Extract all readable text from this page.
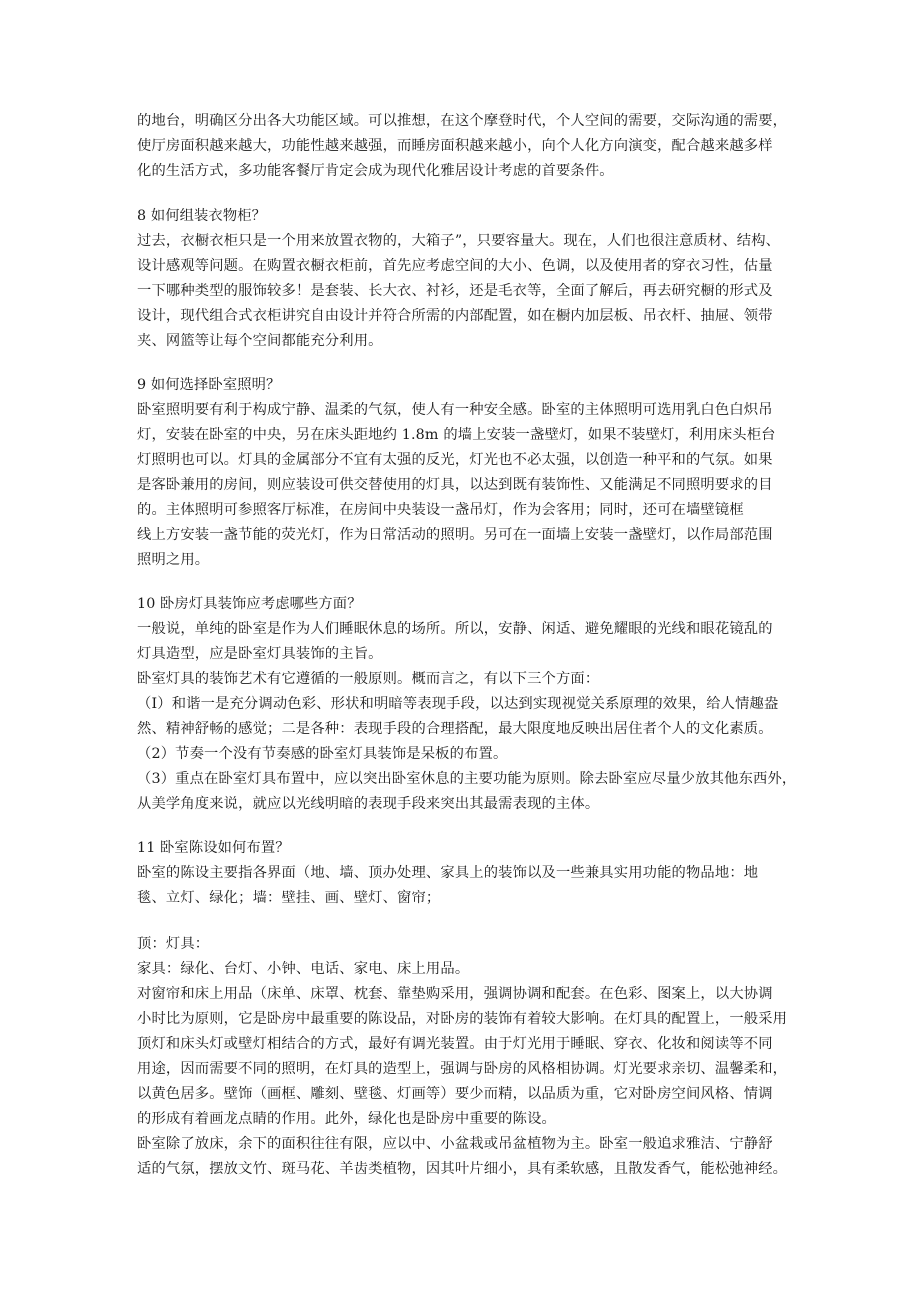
的地台，明确区分出各大功能区域。可以推想，在这个摩登时代，个人空间的需要，交际沟通的需要，
使厅房面积越来越大，功能性越来越强，而睡房面积越来越小，向个人化方向演变，配合越来越多样
化的生活方式，多功能客餐厅肯定会成为现代化雅居设计考虑的首要条件。
8 如何组装衣物柜？
过去，衣橱衣柜只是一个用来放置衣物的，大箱子”，只要容量大。现在，人们也很注意质材、结构、
设计感观等问题。在购置衣橱衣柜前，首先应考虑空间的大小、色调，以及使用者的穿衣习性，估量
一下哪种类型的服饰较多！是套装、长大衣、衬衫，还是毛衣等，全面了解后，再去研究橱的形式及
设计，现代组合式衣柜讲究自由设计并符合所需的内部配置，如在橱内加层板、吊衣杆、抽屉、领带
夹、网篮等让每个空间都能充分利用。
9 如何选择卧室照明？
卧室照明要有利于构成宁静、温柔的气氛，使人有一种安全感。卧室的主体照明可选用乳白色白炽吊
灯，安装在卧室的中央，另在床头距地约 1.8m 的墙上安装一盏壁灯，如果不装壁灯，利用床头柜台
灯照明也可以。灯具的金属部分不宜有太强的反光，灯光也不必太强，以创造一种平和的气氛。如果
是客卧兼用的房间，则应装设可供交替使用的灯具，以达到既有装饰性、又能满足不同照明要求的目
的。主体照明可参照客厅标准，在房间中央装设一盏吊灯，作为会客用；同时，还可在墙壁镜框
线上方安装一盏节能的荧光灯，作为日常活动的照明。另可在一面墙上安装一盏壁灯，以作局部范围
照明之用。
10 卧房灯具装饰应考虑哪些方面？
一般说，单纯的卧室是作为人们睡眠休息的场所。所以，安静、闲适、避免耀眼的光线和眼花镜乱的
灯具造型，应是卧室灯具装饰的主旨。
卧室灯具的装饰艺术有它遵循的一般原则。概而言之，有以下三个方面：
（I）和谐一是充分调动色彩、形状和明暗等表现手段，以达到实现视觉关系原理的效果，给人情趣盎
然、精神舒畅的感觉；二是各种：表现手段的合理搭配，最大限度地反映出居住者个人的文化素质。
（2）节奏一个没有节奏感的卧室灯具装饰是呆板的布置。
（3）重点在卧室灯具布置中，应以突出卧室休息的主要功能为原则。除去卧室应尽量少放其他东西外，
从美学角度来说，就应以光线明暗的表现手段来突出其最需表现的主体。
11 卧室陈设如何布置？
卧室的陈设主要指各界面（地、墙、顶办处理、家具上的装饰以及一些兼具实用功能的物品地：地
毯、立灯、绿化；墙：壁挂、画、壁灯、窗帘；
顶：灯具：
家具：绿化、台灯、小钟、电话、家电、床上用品。
对窗帘和床上用品（床单、床罩、枕套、靠垫购采用，强调协调和配套。在色彩、图案上，以大协调
小时比为原则，它是卧房中最重要的陈设品，对卧房的装饰有着较大影响。在灯具的配置上，一般采用
顶灯和床头灯或壁灯相结合的方式，最好有调光装置。由于灯光用于睡眠、穿衣、化妆和阅读等不同
用途，因而需要不同的照明，在灯具的造型上，强调与卧房的风格相协调。灯光要求亲切、温馨柔和，
以黄色居多。壁饰（画框、雕刻、壁毯、灯画等）要少而精，以品质为重，它对卧房空间风格、情调
的形成有着画龙点睛的作用。此外，绿化也是卧房中重要的陈设。
卧室除了放床，余下的面积往往有限，应以中、小盆栽或吊盆植物为主。卧室一般追求雅洁、宁静舒
适的气氛，摆放文竹、斑马花、羊齿类植物，因其叶片细小，具有柔软感，且散发香气，能松弛神经。
